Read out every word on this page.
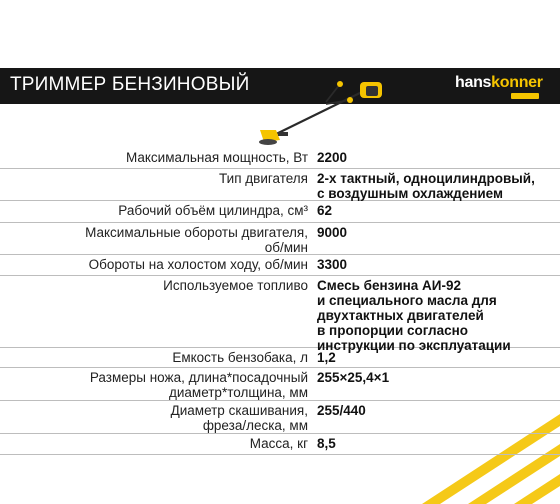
ТРИММЕР БЕНЗИНОВЫЙ	hanskonner
Максимальная мощность, Вт 2200
Тип двигателя 2-х тактный, одноцилиндровый,
с воздушным охлаждением
Рабочий объём цилиндра, см³ 62
Максимальные обороты двигателя,
об/мин
9000
Обороты на холостом ходу, об/мин 3300
Используемое топливо Смесь бензина АИ-92
и специального масла для
двухтактных двигателей
в пропорции согласно
инструкции по эксплуатации
Емкость бензобака, л 1,2
Размеры ножа, длина*посадочный
диаметр*толщина, мм
255×25,4×1
Диаметр скашивания,
фреза/леска, мм
255/440
Масса, кг 8,5
